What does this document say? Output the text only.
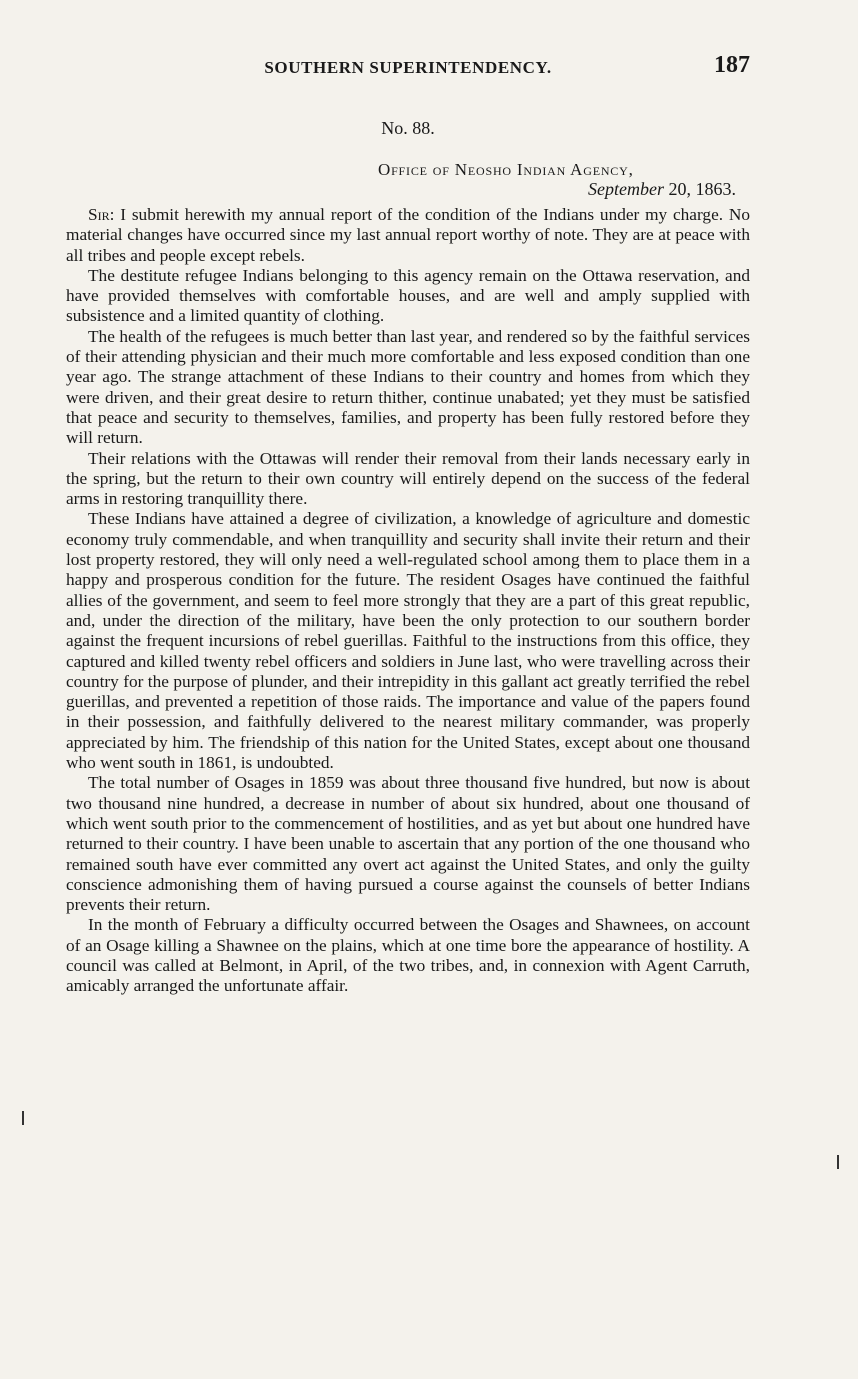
SOUTHERN SUPERINTENDENCY.	187
No. 88.
Office of Neosho Indian Agency,
September 20, 1863.

Sir: I submit herewith my annual report of the condition of the Indians under my charge. No material changes have occurred since my last annual report worthy of note. They are at peace with all tribes and people except rebels.

The destitute refugee Indians belonging to this agency remain on the Ottawa reservation, and have provided themselves with comfortable houses, and are well and amply supplied with subsistence and a limited quantity of clothing.

The health of the refugees is much better than last year, and rendered so by the faithful services of their attending physician and their much more comfortable and less exposed condition than one year ago. The strange attachment of these Indians to their country and homes from which they were driven, and their great desire to return thither, continue unabated; yet they must be satisfied that peace and security to themselves, families, and property has been fully restored before they will return.

Their relations with the Ottawas will render their removal from their lands necessary early in the spring, but the return to their own country will entirely depend on the success of the federal arms in restoring tranquillity there.

These Indians have attained a degree of civilization, a knowledge of agriculture and domestic economy truly commendable, and when tranquillity and security shall invite their return and their lost property restored, they will only need a well-regulated school among them to place them in a happy and prosperous condition for the future. The resident Osages have continued the faithful allies of the government, and seem to feel more strongly that they are a part of this great republic, and, under the direction of the military, have been the only protection to our southern border against the frequent incursions of rebel guerillas. Faithful to the instructions from this office, they captured and killed twenty rebel officers and soldiers in June last, who were travelling across their country for the purpose of plunder, and their intrepidity in this gallant act greatly terrified the rebel guerillas, and prevented a repetition of those raids. The importance and value of the papers found in their possession, and faithfully delivered to the nearest military commander, was properly appreciated by him. The friendship of this nation for the United States, except about one thousand who went south in 1861, is undoubted.

The total number of Osages in 1859 was about three thousand five hundred, but now is about two thousand nine hundred, a decrease in number of about six hundred, about one thousand of which went south prior to the commencement of hostilities, and as yet but about one hundred have returned to their country. I have been unable to ascertain that any portion of the one thousand who remained south have ever committed any overt act against the United States, and only the guilty conscience admonishing them of having pursued a course against the counsels of better Indians prevents their return.

In the month of February a difficulty occurred between the Osages and Shawnees, on account of an Osage killing a Shawnee on the plains, which at one time bore the appearance of hostility. A council was called at Belmont, in April, of the two tribes, and, in connexion with Agent Carruth, amicably arranged the unfortunate affair.
